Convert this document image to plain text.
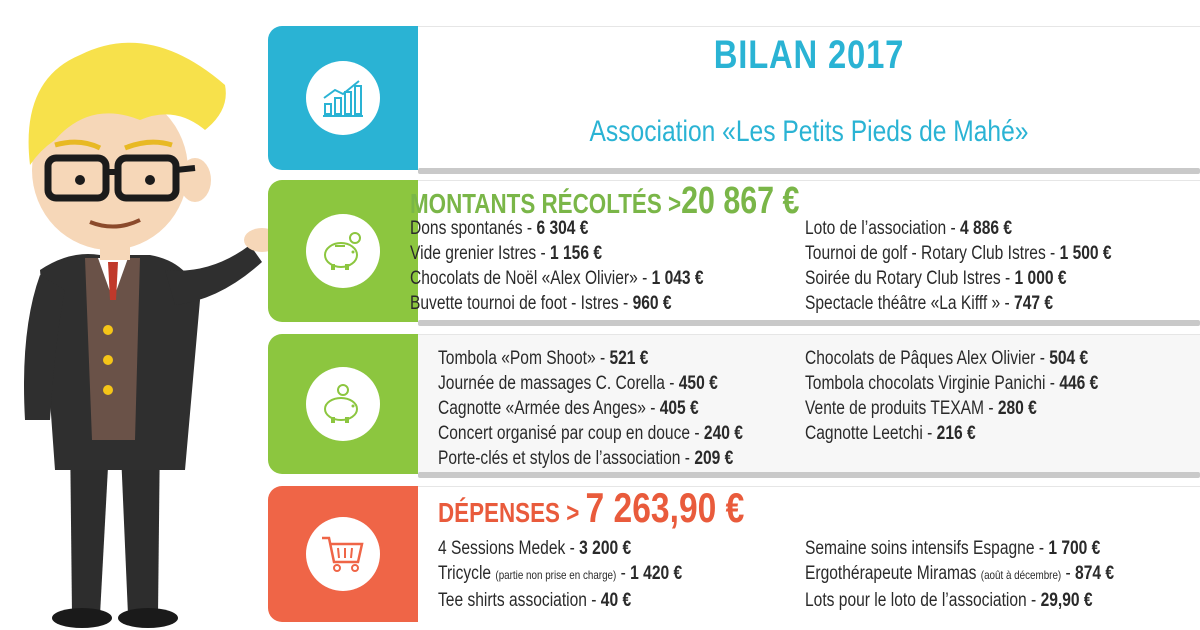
BILAN 2017
Association «Les Petits Pieds de Mahé»
MONTANTS RÉCOLTÉS >20 867 €
Dons spontanés - 6 304 €
Vide grenier Istres - 1 156 €
Chocolats de Noël «Alex Olivier» - 1 043 €
Buvette tournoi de foot - Istres - 960 €
Loto de l’association - 4 886 €
Tournoi de golf - Rotary Club Istres - 1 500 €
Soirée du Rotary Club Istres - 1 000 €
Spectacle théâtre «La Kifff » - 747 €
Tombola «Pom Shoot» - 521 €
Journée de massages C. Corella - 450 €
Cagnotte «Armée des Anges» - 405 €
Concert organisé par coup en douce - 240 €
Porte-clés et stylos de l’association - 209 €
Chocolats de Pâques Alex Olivier - 504 €
Tombola chocolats Virginie Panichi - 446 €
Vente de produits TEXAM - 280 €
Cagnotte Leetchi - 216 €
DÉPENSES > 7 263,90 €
4 Sessions Medek - 3 200 €
Tricycle (partie non prise en charge) - 1 420 €
Tee shirts association - 40 €
Semaine soins intensifs Espagne - 1 700 €
Ergothérapeute Miramas (août à décembre) - 874 €
Lots pour le loto de l’association - 29,90 €
